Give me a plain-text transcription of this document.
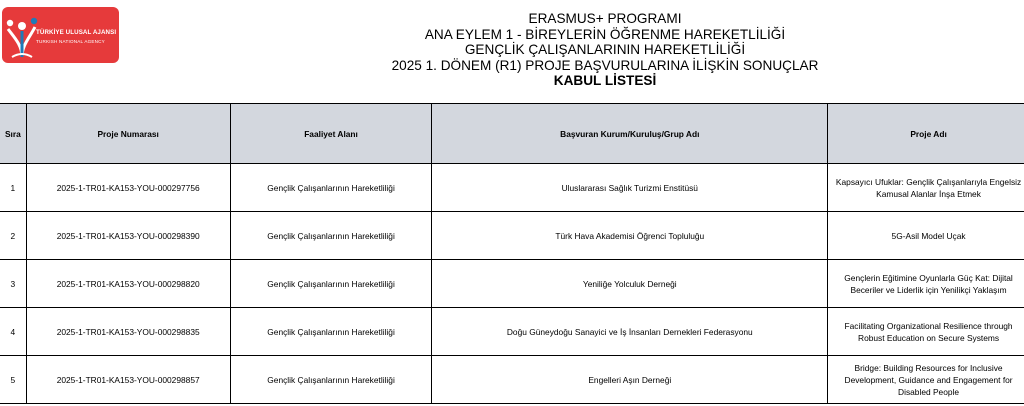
TÜRKİYE ULUSAL AJANSI
TURKISH NATIONAL AGENCY
ERASMUS+ PROGRAMI
ANA EYLEM 1 - BİREYLERİN ÖĞRENME HAREKETLİLİĞİ
GENÇLİK ÇALIŞANLARININ HAREKETLİLİĞİ
2025 1. DÖNEM (R1) PROJE BAŞVURULARINA İLİŞKİN SONUÇLAR
KABUL LİSTESİ
Sıra	Proje Numarası	Faaliyet Alanı	Başvuran Kurum/Kuruluş/Grup Adı	Proje Adı
1	2025-1-TR01-KA153-YOU-000297756	Gençlik Çalışanlarının Hareketliliği	Uluslararası Sağlık Turizmi Enstitüsü	Kapsayıcı Ufuklar: Gençlik Çalışanlarıyla Engelsiz Kamusal Alanlar İnşa Etmek
2	2025-1-TR01-KA153-YOU-000298390	Gençlik Çalışanlarının Hareketliliği	Türk Hava Akademisi Öğrenci Topluluğu	5G-Asil Model Uçak
3	2025-1-TR01-KA153-YOU-000298820	Gençlik Çalışanlarının Hareketliliği	Yeniliğe Yolculuk Derneği	Gençlerin Eğitimine Oyunlarla Güç Kat: Dijital Beceriler ve Liderlik için Yenilikçi Yaklaşım
4	2025-1-TR01-KA153-YOU-000298835	Gençlik Çalışanlarının Hareketliliği	Doğu Güneydoğu Sanayici ve İş İnsanları Dernekleri Federasyonu	Facilitating Organizational Resilience through Robust Education on Secure Systems
5	2025-1-TR01-KA153-YOU-000298857	Gençlik Çalışanlarının Hareketliliği	Engelleri Aşın Derneği	Bridge: Building Resources for Inclusive Development, Guidance and Engagement for Disabled People
